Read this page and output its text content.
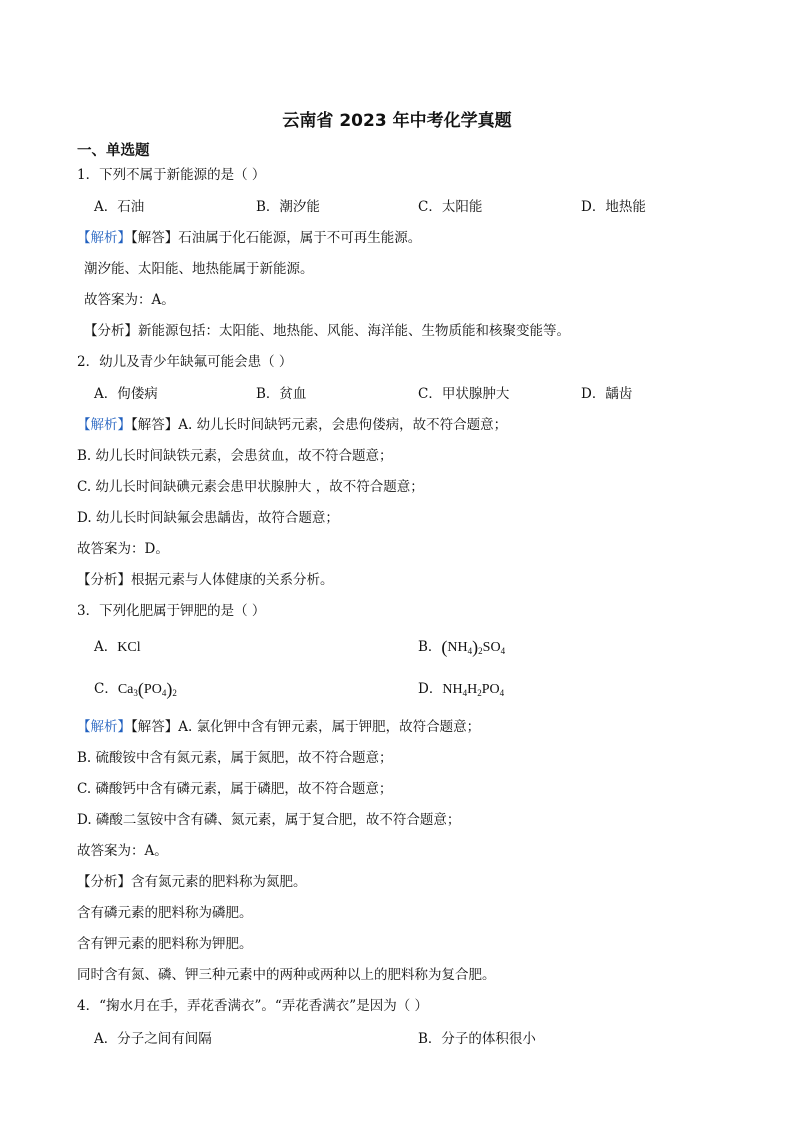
云南省 2023 年中考化学真题
一、单选题
1．下列不属于新能源的是（ ）
A．石油	B．潮汐能	C．太阳能	D．地热能
【解析】【解答】石油属于化石能源，属于不可再生能源。
潮汐能、太阳能、地热能属于新能源。
故答案为：A。
【分析】新能源包括：太阳能、地热能、风能、海洋能、生物质能和核聚变能等。
2．幼儿及青少年缺氟可能会患（ ）
A．佝偻病	B．贫血	C．甲状腺肿大	D．龋齿
【解析】【解答】A. 幼儿长时间缺钙元素，会患佝偻病，故不符合题意；
B. 幼儿长时间缺铁元素，会患贫血，故不符合题意；
C. 幼儿长时间缺碘元素会患甲状腺肿大 ，故不符合题意；
D. 幼儿长时间缺氟会患龋齿，故符合题意；
故答案为：D。
【分析】根据元素与人体健康的关系分析。
3．下列化肥属于钾肥的是（ ）
A．KCl	B．$(NH_4)_2SO_4$
C．$Ca_3(PO_4)_2$	D．$NH_4H_2PO_4$
【解析】【解答】A. 氯化钾中含有钾元素，属于钾肥，故符合题意；
B. 硫酸铵中含有氮元素，属于氮肥，故不符合题意；
C. 磷酸钙中含有磷元素，属于磷肥，故不符合题意；
D. 磷酸二氢铵中含有磷、氮元素，属于复合肥，故不符合题意；
故答案为：A。
【分析】含有氮元素的肥料称为氮肥。
含有磷元素的肥料称为磷肥。
含有钾元素的肥料称为钾肥。
同时含有氮、磷、钾三种元素中的两种或两种以上的肥料称为复合肥。
4．“掬水月在手，弄花香满衣”。“弄花香满衣”是因为（ ）
A．分子之间有间隔	B．分子的体积很小
